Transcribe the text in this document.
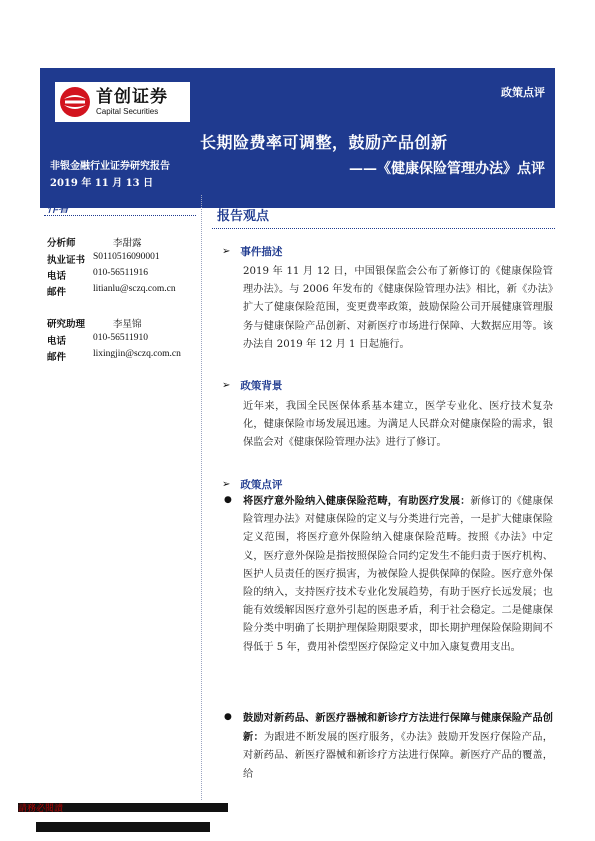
首创证券
Capital Securities
政策点评
长期险费率可调整，鼓励产品创新
非银金融行业证券研究报告
2019 年 11 月 13 日
——《健康保险管理办法》点评
作者
分析师	李甜露
执业证书 S0110516090001
电话	010-56511916
邮件	litianlu@sczq.com.cn
研究助理	李星锦
电话	010-56511910
邮件	lixingjin@sczq.com.cn
报告观点
➢ 事件描述
2019 年 11 月 12 日，中国银保监会公布了新修订的《健康保险管理办法》。与 2006 年发布的《健康保险管理办法》相比，新《办法》扩大了健康保险范围，变更费率政策，鼓励保险公司开展健康管理服务与健康保险产品创新、对新医疗市场进行保障、大数据应用等。该办法自 2019 年 12 月 1 日起施行。
➢ 政策背景
近年来，我国全民医保体系基本建立，医学专业化、医疗技术复杂化，健康保险市场发展迅速。为满足人民群众对健康保险的需求，银保监会对《健康保险管理办法》进行了修订。
➢ 政策点评
● 将医疗意外险纳入健康保险范畴，有助医疗发展：新修订的《健康保险管理办法》对健康保险的定义与分类进行完善，一是扩大健康保险定义范围，将医疗意外保险纳入健康保险范畴。按照《办法》中定义，医疗意外保险是指按照保险合同约定发生不能归责于医疗机构、医护人员责任的医疗损害，为被保险人提供保障的保险。医疗意外保险的纳入，支持医疗技术专业化发展趋势，有助于医疗长远发展；也能有效缓解因医疗意外引起的医患矛盾，利于社会稳定。二是健康保险分类中明确了长期护理保险期限要求，即长期护理保险保险期间不得低于 5 年，费用补偿型医疗保险定义中加入康复费用支出。
● 鼓励对新药品、新医疗器械和新诊疗方法进行保障与健康保险产品创新：为跟进不断发展的医疗服务，《办法》鼓励开发医疗保险产品，对新药品、新医疗器械和新诊疗方法进行保障。新医疗产品的覆盖，给
請務必閱讀
